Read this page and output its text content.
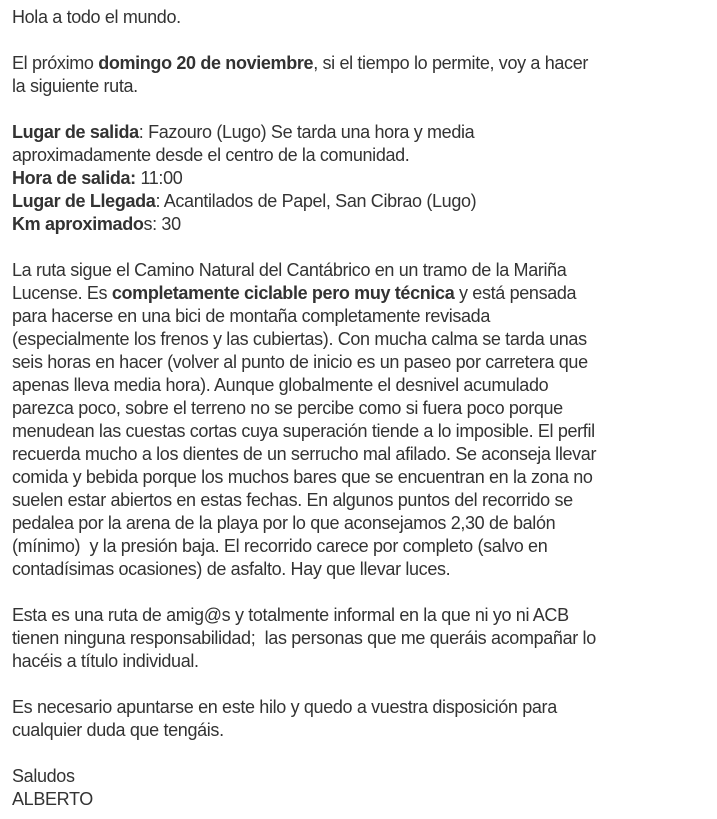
Hola a todo el mundo.

El próximo domingo 20 de noviembre, si el tiempo lo permite, voy a hacer
la siguiente ruta.

Lugar de salida: Fazouro (Lugo) Se tarda una hora y media
aproximadamente desde el centro de la comunidad.
Hora de salida: 11:00
Lugar de Llegada: Acantilados de Papel, San Cibrao (Lugo)
Km aproximados: 30

La ruta sigue el Camino Natural del Cantábrico en un tramo de la Mariña
Lucense. Es completamente ciclable pero muy técnica y está pensada
para hacerse en una bici de montaña completamente revisada
(especialmente los frenos y las cubiertas). Con mucha calma se tarda unas
seis horas en hacer (volver al punto de inicio es un paseo por carretera que
apenas lleva media hora). Aunque globalmente el desnivel acumulado
parezca poco, sobre el terreno no se percibe como si fuera poco porque
menudean las cuestas cortas cuya superación tiende a lo imposible. El perfil
recuerda mucho a los dientes de un serrucho mal afilado. Se aconseja llevar
comida y bebida porque los muchos bares que se encuentran en la zona no
suelen estar abiertos en estas fechas. En algunos puntos del recorrido se
pedalea por la arena de la playa por lo que aconsejamos 2,30 de balón
(mínimo)  y la presión baja. El recorrido carece por completo (salvo en
contadísimas ocasiones) de asfalto. Hay que llevar luces.

Esta es una ruta de amig@s y totalmente informal en la que ni yo ni ACB
tienen ninguna responsabilidad;  las personas que me queráis acompañar lo
hacéis a título individual.

Es necesario apuntarse en este hilo y quedo a vuestra disposición para
cualquier duda que tengáis.

Saludos
ALBERTO
